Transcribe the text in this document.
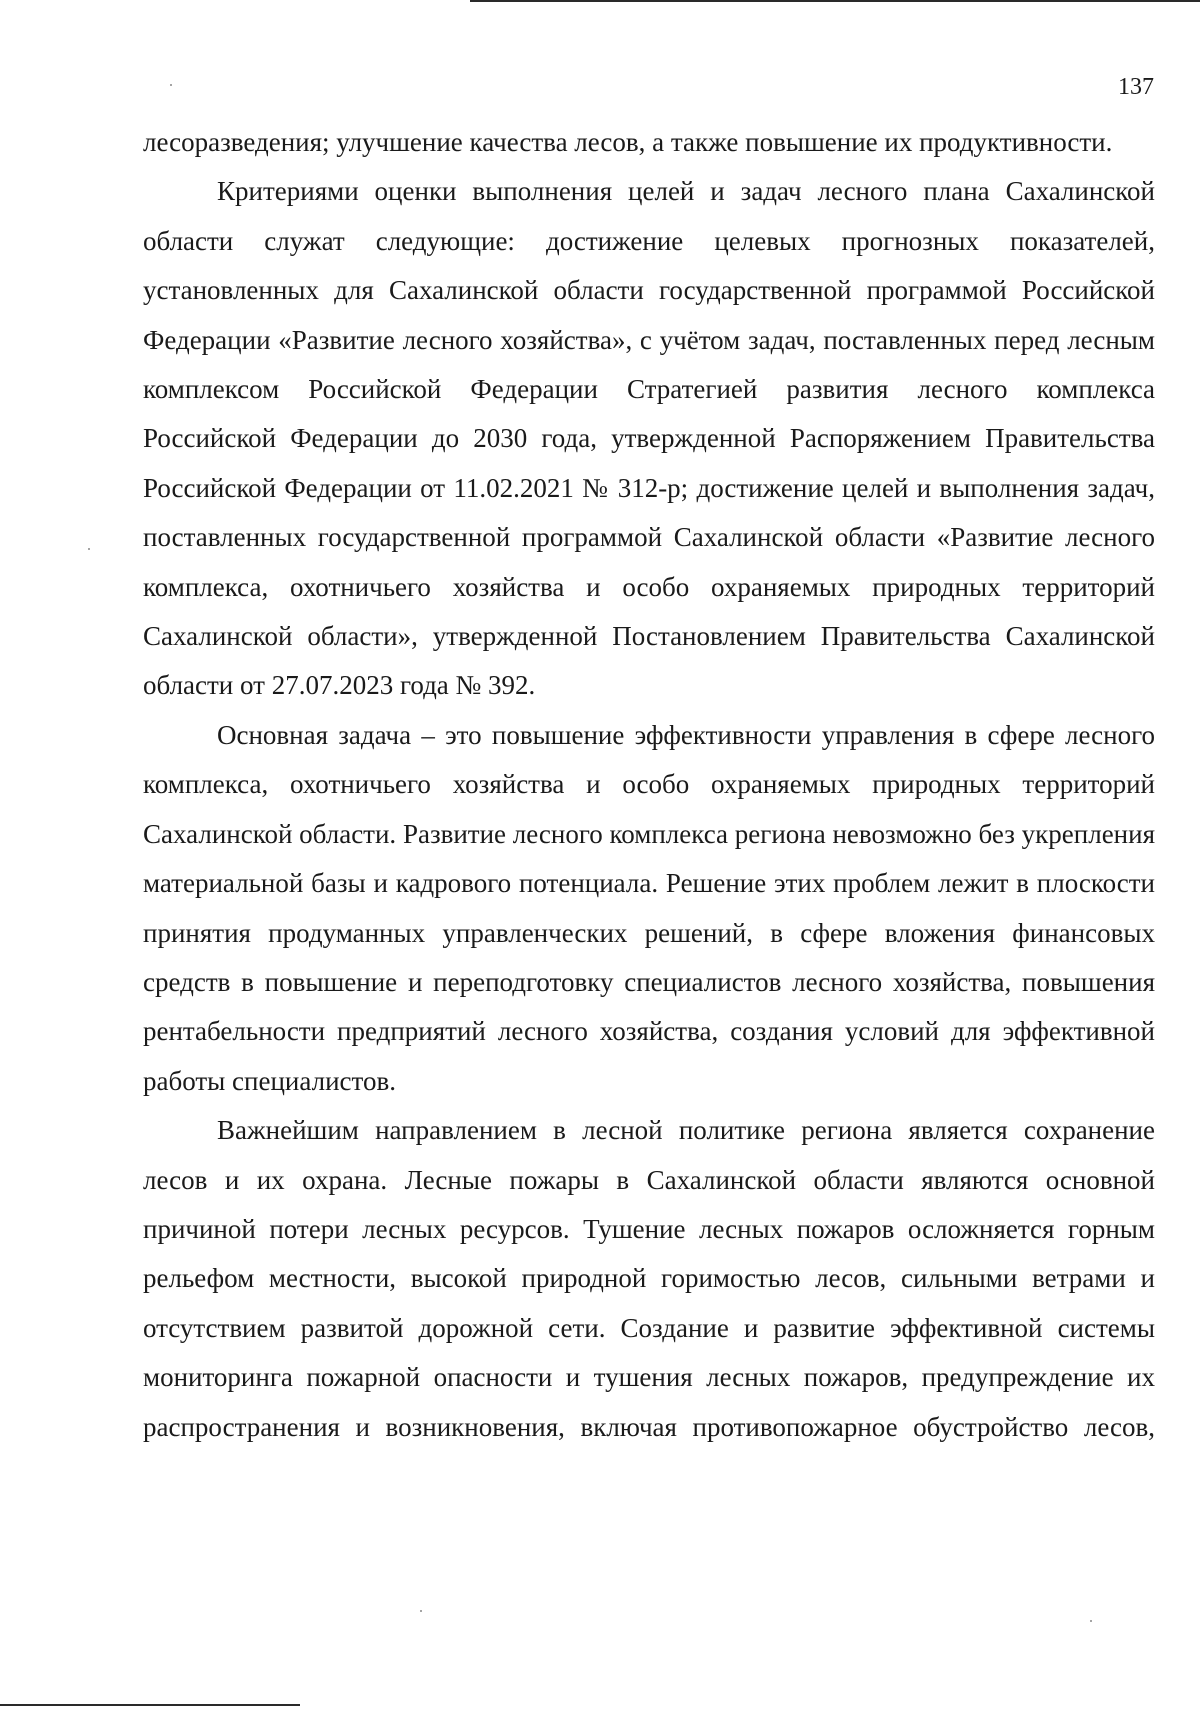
137

лесоразведения; улучшение качества лесов, а также повышение их продуктивности.

Критериями оценки выполнения целей и задач лесного плана Сахалинской области служат следующие: достижение целевых прогнозных показателей, установленных для Сахалинской области государственной программой Российской Федерации «Развитие лесного хозяйства», с учётом задач, поставленных перед лесным комплексом Российской Федерации Стратегией развития лесного комплекса Российской Федерации до 2030 года, утвержденной Распоряжением Правительства Российской Федерации от 11.02.2021 № 312-р; достижение целей и выполнения задач, поставленных государственной программой Сахалинской области «Развитие лесного комплекса, охотничьего хозяйства и особо охраняемых природных территорий Сахалинской области», утвержденной Постановлением Правительства Сахалинской области от 27.07.2023 года № 392.

Основная задача – это повышение эффективности управления в сфере лесного комплекса, охотничьего хозяйства и особо охраняемых природных территорий Сахалинской области. Развитие лесного комплекса региона невозможно без укрепления материальной базы и кадрового потенциала. Решение этих проблем лежит в плоскости принятия продуманных управленческих решений, в сфере вложения финансовых средств в повышение и переподготовку специалистов лесного хозяйства, повышения рентабельности предприятий лесного хозяйства, создания условий для эффективной работы специалистов.

Важнейшим направлением в лесной политике региона является сохранение лесов и их охрана. Лесные пожары в Сахалинской области являются основной причиной потери лесных ресурсов. Тушение лесных пожаров осложняется горным рельефом местности, высокой природной горимостью лесов, сильными ветрами и отсутствием развитой дорожной сети. Создание и развитие эффективной системы мониторинга пожарной опасности и тушения лесных пожаров, предупреждение их распространения и возникновения, включая противопожарное обустройство лесов,
